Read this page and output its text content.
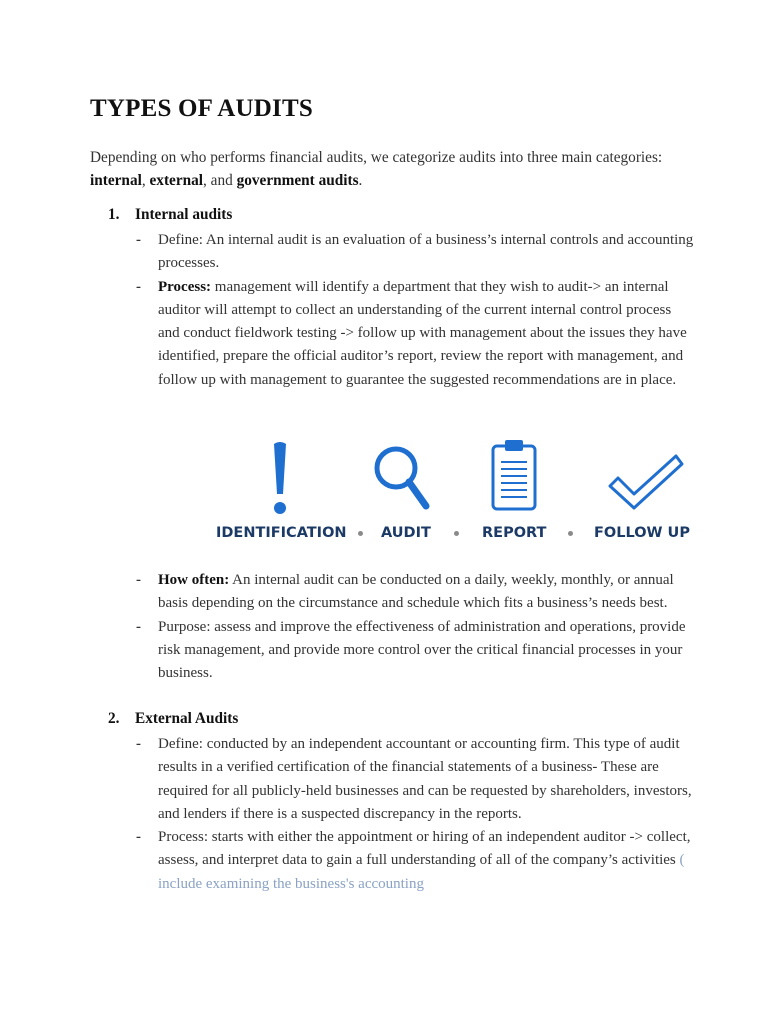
TYPES OF AUDITS

Depending on who performs financial audits, we categorize audits into three main categories: internal, external, and government audits.

1. Internal audits

- Define: An internal audit is an evaluation of a business’s internal controls and accounting processes.
- Process: management will identify a department that they wish to audit-> an internal auditor will attempt to collect an understanding of the current internal control process and conduct fieldwork testing -> follow up with management about the issues they have identified, prepare the official auditor’s report, review the report with management, and follow up with management to guarantee the suggested recommendations are in place.
IDENTIFICATION AUDIT	REPORT	FOLLOW UP
- How often: An internal audit can be conducted on a daily, weekly, monthly, or annual basis depending on the circumstance and schedule which fits a business’s needs best.
- Purpose: assess and improve the effectiveness of administration and operations, provide risk management, and provide more control over the critical financial processes in your business.

2. External Audits

- Define: conducted by an independent accountant or accounting firm. This type of audit results in a verified certification of the financial statements of a business- These are required for all publicly-held businesses and can be requested by shareholders, investors, and lenders if there is a suspected discrepancy in the reports.
- Process: starts with either the appointment or hiring of an independent auditor -> collect, assess, and interpret data to gain a full understanding of all of the company’s activities ( include examining the business's accounting
